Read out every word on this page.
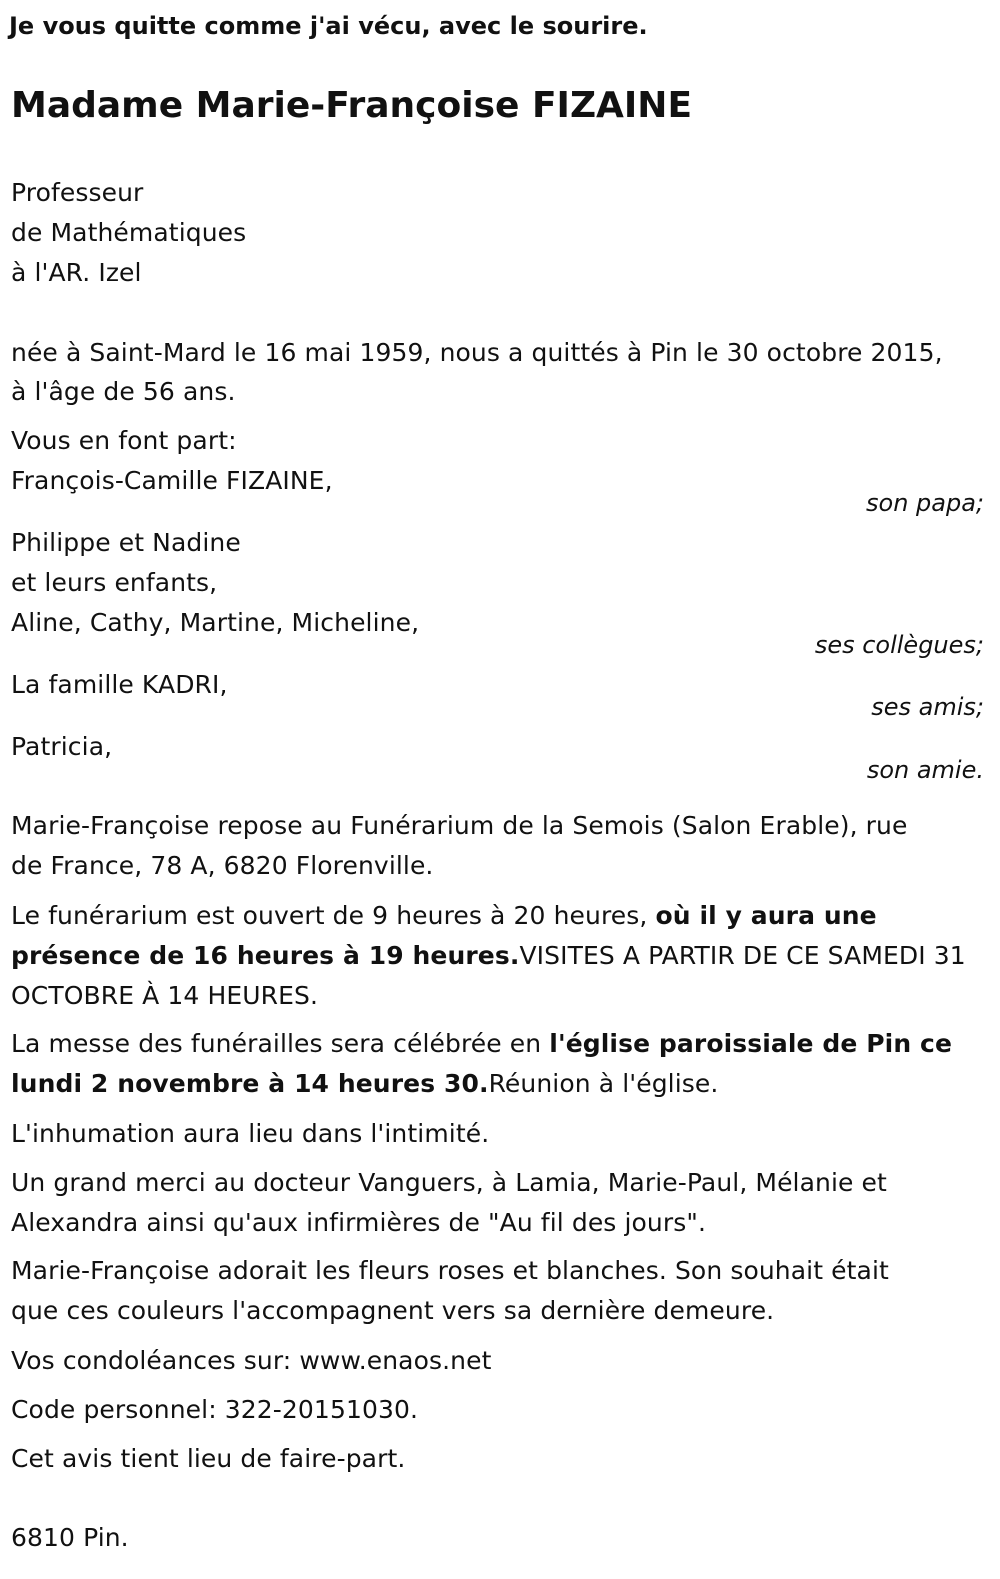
Je vous quitte comme j'ai vécu, avec le sourire.
Madame Marie-Françoise FIZAINE
Professeur
de Mathématiques
à l'AR. Izel
née à Saint-Mard le 16 mai 1959, nous a quittés à Pin le 30 octobre 2015,
à l'âge de 56 ans.
Vous en font part:
François-Camille FIZAINE,
son papa;
Philippe et Nadine
et leurs enfants,
Aline, Cathy, Martine, Micheline,
ses collègues;
La famille KADRI,
ses amis;
Patricia,
son amie.
Marie-Françoise repose au Funérarium de la Semois (Salon Erable), rue
de France, 78 A, 6820 Florenville.
Le funérarium est ouvert de 9 heures à 20 heures, où il y aura une
présence de 16 heures à 19 heures.VISITES A PARTIR DE CE SAMEDI 31
OCTOBRE À 14 HEURES.
La messe des funérailles sera célébrée en l'église paroissiale de Pin ce
lundi 2 novembre à 14 heures 30.Réunion à l'église.
L'inhumation aura lieu dans l'intimité.
Un grand merci au docteur Vanguers, à Lamia, Marie-Paul, Mélanie et
Alexandra ainsi qu'aux infirmières de "Au fil des jours".
Marie-Françoise adorait les fleurs roses et blanches. Son souhait était
que ces couleurs l'accompagnent vers sa dernière demeure.
Vos condoléances sur: www.enaos.net
Code personnel: 322-20151030.
Cet avis tient lieu de faire-part.
6810 Pin.
